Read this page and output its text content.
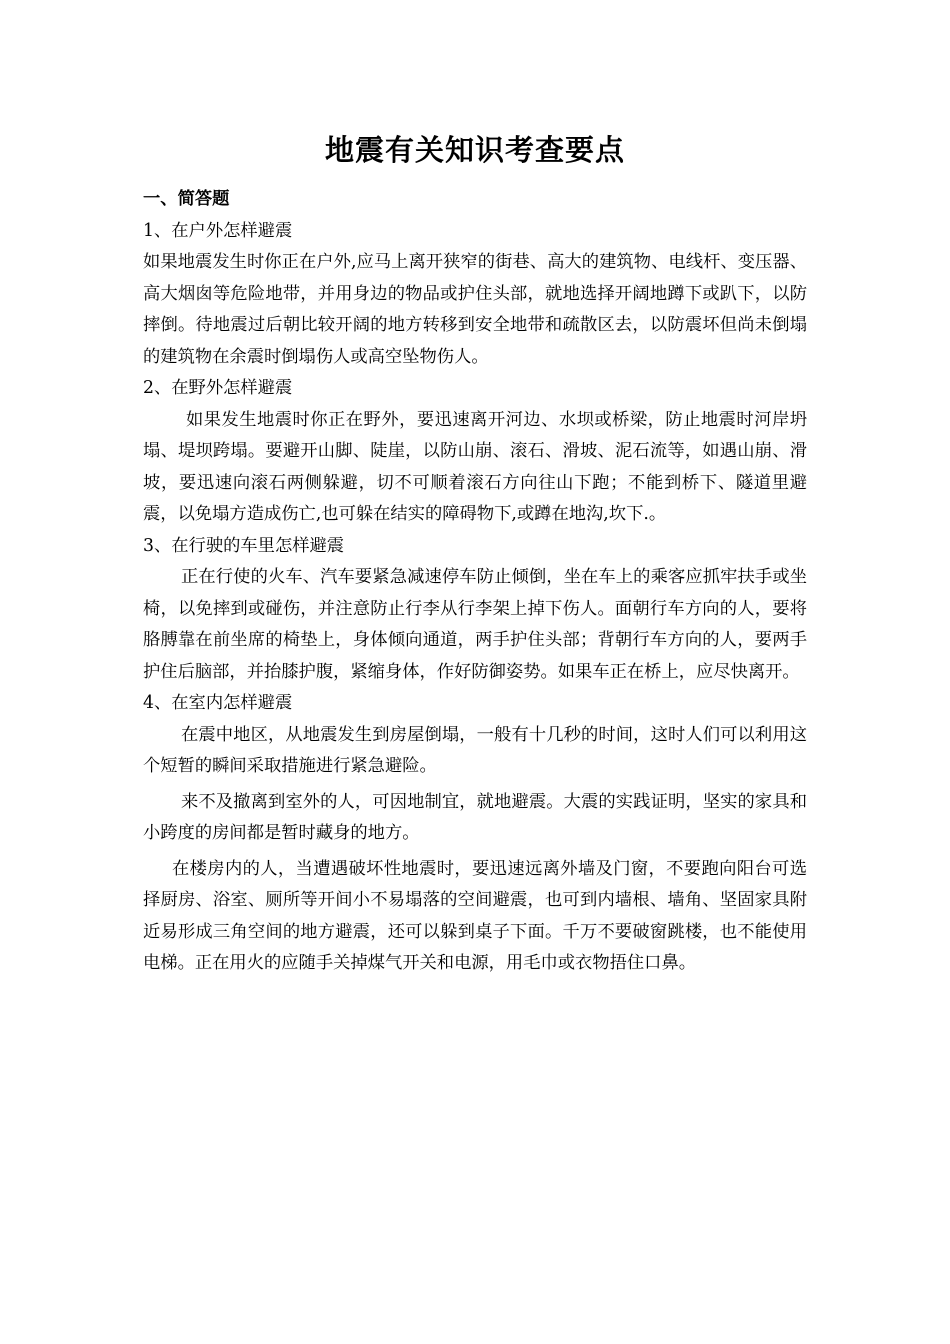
地震有关知识考查要点

一、简答题

1、在户外怎样避震

如果地震发生时你正在户外,应马上离开狭窄的街巷、高大的建筑物、电线杆、变压器、高大烟囱等危险地带，并用身边的物品或护住头部，就地选择开阔地蹲下或趴下，以防摔倒。待地震过后朝比较开阔的地方转移到安全地带和疏散区去，以防震坏但尚未倒塌的建筑物在余震时倒塌伤人或高空坠物伤人。

2、在野外怎样避震

如果发生地震时你正在野外，要迅速离开河边、水坝或桥梁，防止地震时河岸坍塌、堤坝跨塌。要避开山脚、陡崖，以防山崩、滚石、滑坡、泥石流等，如遇山崩、滑坡，要迅速向滚石两侧躲避，切不可顺着滚石方向往山下跑；不能到桥下、隧道里避震，以免塌方造成伤亡,也可躲在结实的障碍物下,或蹲在地沟,坎下.。

3、在行驶的车里怎样避震

正在行使的火车、汽车要紧急减速停车防止倾倒，坐在车上的乘客应抓牢扶手或坐椅，以免摔到或碰伤，并注意防止行李从行李架上掉下伤人。面朝行车方向的人，要将胳膊靠在前坐席的椅垫上，身体倾向通道，两手护住头部；背朝行车方向的人，要两手护住后脑部，并抬膝护腹，紧缩身体，作好防御姿势。如果车正在桥上，应尽快离开。

4、在室内怎样避震

在震中地区，从地震发生到房屋倒塌，一般有十几秒的时间，这时人们可以利用这个短暂的瞬间采取措施进行紧急避险。

来不及撤离到室外的人，可因地制宜，就地避震。大震的实践证明，坚实的家具和小跨度的房间都是暂时藏身的地方。

在楼房内的人，当遭遇破坏性地震时，要迅速远离外墙及门窗，不要跑向阳台可选择厨房、浴室、厕所等开间小不易塌落的空间避震，也可到内墙根、墙角、坚固家具附近易形成三角空间的地方避震，还可以躲到桌子下面。千万不要破窗跳楼，也不能使用电梯。正在用火的应随手关掉煤气开关和电源，用毛巾或衣物捂住口鼻。
